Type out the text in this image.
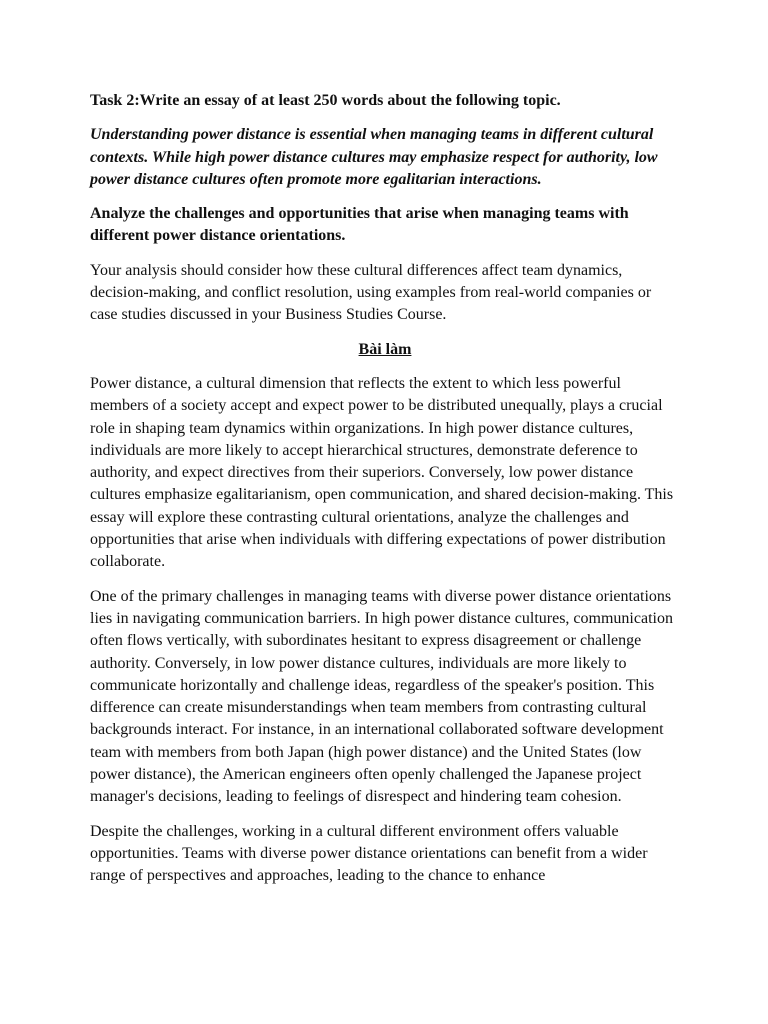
Task 2:Write an essay of at least 250 words about the following topic.

Understanding power distance is essential when managing teams in different cultural contexts. While high power distance cultures may emphasize respect for authority, low power distance cultures often promote more egalitarian interactions.

Analyze the challenges and opportunities that arise when managing teams with different power distance orientations.

Your analysis should consider how these cultural differences affect team dynamics, decision-making, and conflict resolution, using examples from real-world companies or case studies discussed in your Business Studies Course.

Bài làm

Power distance, a cultural dimension that reflects the extent to which less powerful members of a society accept and expect power to be distributed unequally, plays a crucial role in shaping team dynamics within organizations. In high power distance cultures, individuals are more likely to accept hierarchical structures, demonstrate deference to authority, and expect directives from their superiors. Conversely, low power distance cultures emphasize egalitarianism, open communication, and shared decision-making. This essay will explore these contrasting cultural orientations, analyze the challenges and opportunities that arise when individuals with differing expectations of power distribution collaborate.

One of the primary challenges in managing teams with diverse power distance orientations lies in navigating communication barriers. In high power distance cultures, communication often flows vertically, with subordinates hesitant to express disagreement or challenge authority. Conversely, in low power distance cultures, individuals are more likely to communicate horizontally and challenge ideas, regardless of the speaker's position. This difference can create misunderstandings when team members from contrasting cultural backgrounds interact. For instance, in an international collaborated software development team with members from both Japan (high power distance) and the United States (low power distance), the American engineers often openly challenged the Japanese project manager's decisions, leading to feelings of disrespect and hindering team cohesion.

Despite the challenges, working in a cultural different environment offers valuable opportunities. Teams with diverse power distance orientations can benefit from a wider range of perspectives and approaches, leading to the chance to enhance
